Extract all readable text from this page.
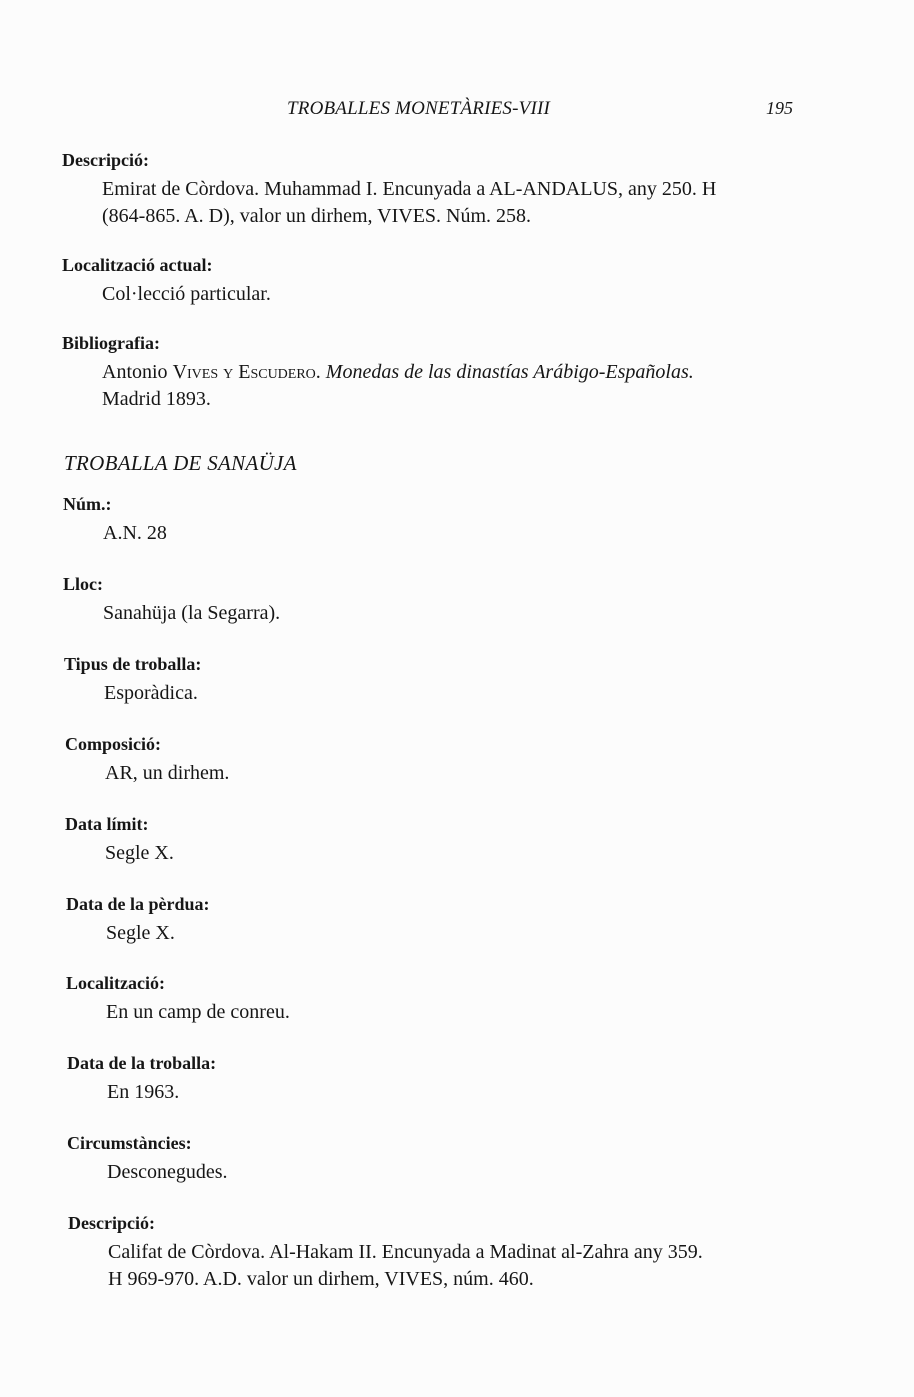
TROBALLES MONETÀRIES-VIII	195
Descripció:
Emirat de Còrdova. Muhammad I. Encunyada a AL-ANDALUS, any 250. H
(864-865. A. D), valor un dirhem, VIVES. Núm. 258.
Localització actual:
Col·lecció particular.
Bibliografia:
Antonio Vives y Escudero. Monedas de las dinastías Arábigo-Españolas.
Madrid 1893.
TROBALLA DE SANAÜJA
Núm.:
A.N. 28
Lloc:
Sanahüja (la Segarra).
Tipus de troballa:
Esporàdica.
Composició:
AR, un dirhem.
Data límit:
Segle X.
Data de la pèrdua:
Segle X.
Localització:
En un camp de conreu.
Data de la troballa:
En 1963.
Circumstàncies:
Desconegudes.
Descripció:
Califat de Còrdova. Al-Hakam II. Encunyada a Madinat al-Zahra any 359.
H 969-970. A.D. valor un dirhem, VIVES, núm. 460.
